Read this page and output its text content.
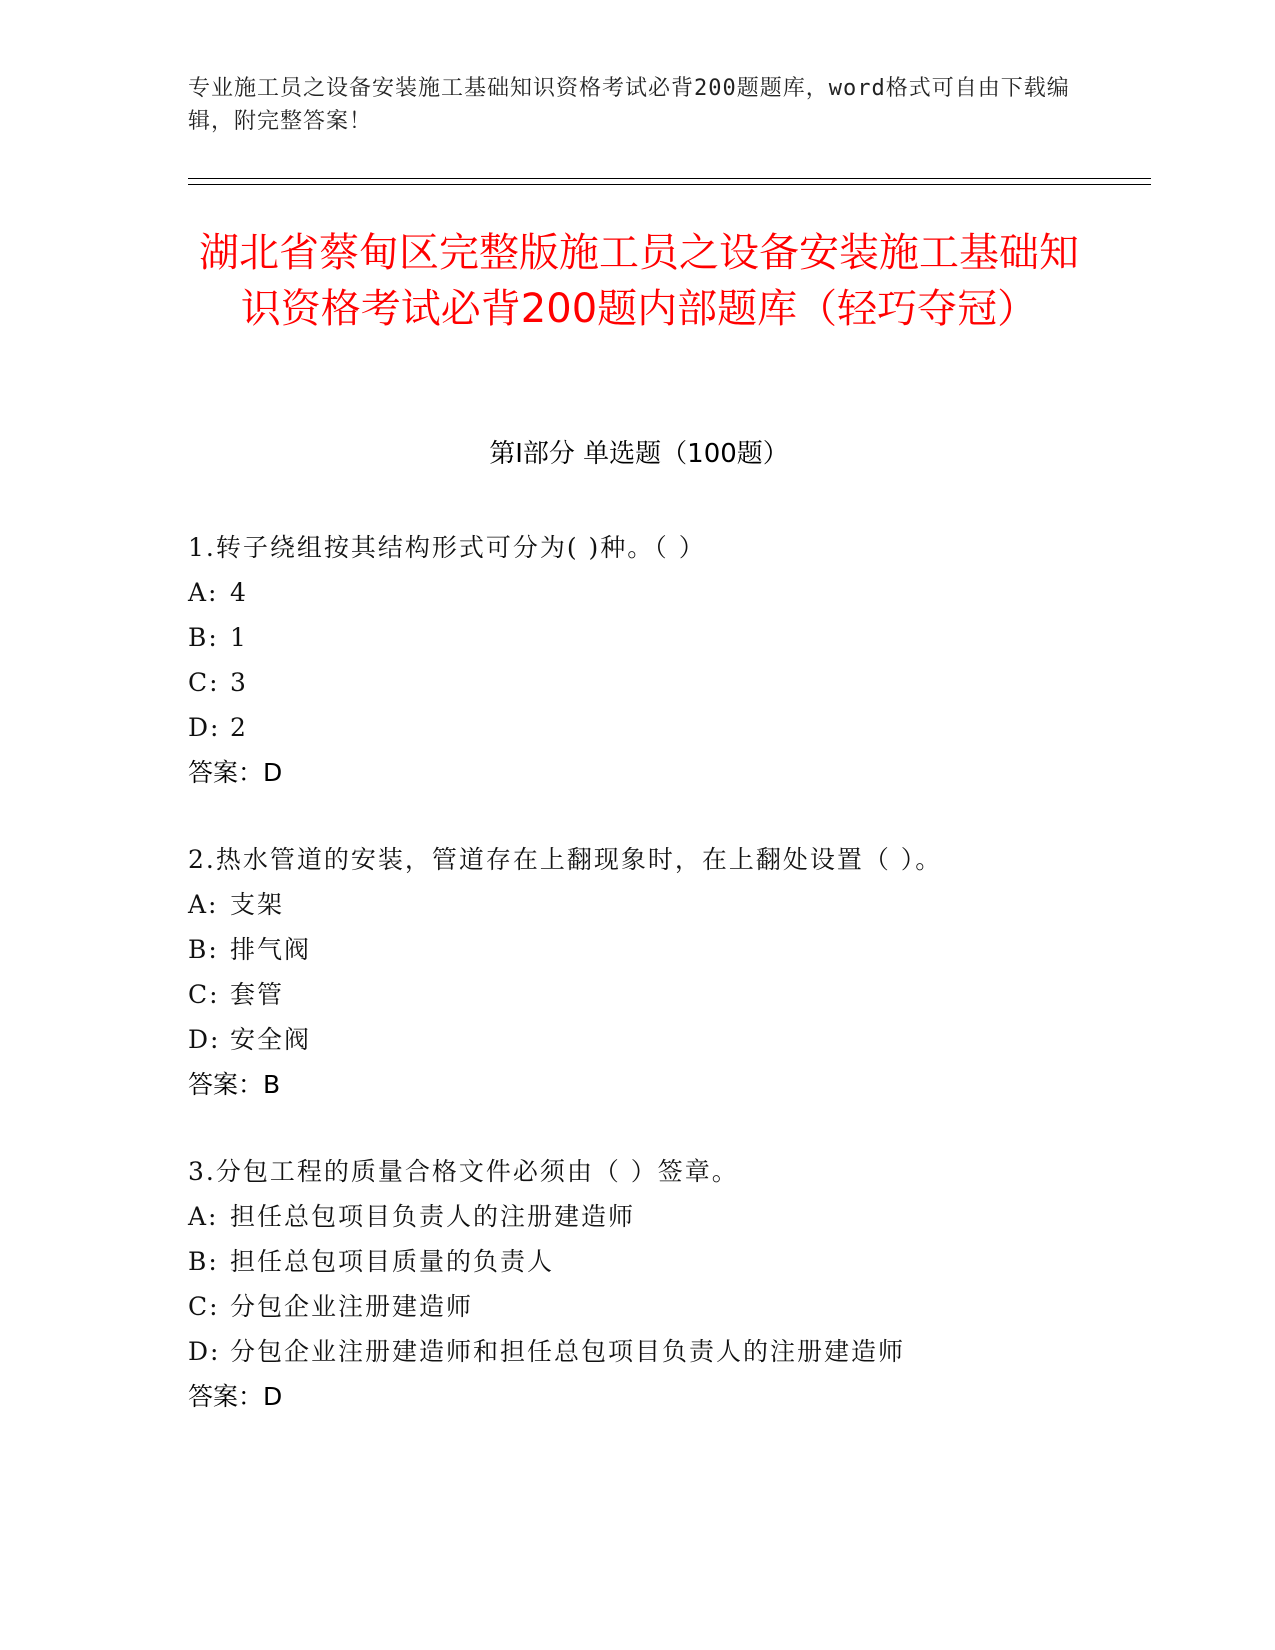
专业施工员之设备安装施工基础知识资格考试必背200题题库，word格式可自由下载编辑，附完整答案！
湖北省蔡甸区完整版施工员之设备安装施工基础知识资格考试必背200题内部题库（轻巧夺冠）
第Ⅰ部分 单选题（100题）
1.转子绕组按其结构形式可分为( )种。（ ）
A: 4
B: 1
C: 3
D: 2
答案：D
2.热水管道的安装，管道存在上翻现象时，在上翻处设置（ ）。
A: 支架
B: 排气阀
C: 套管
D: 安全阀
答案：B
3.分包工程的质量合格文件必须由（ ）签章。
A: 担任总包项目负责人的注册建造师
B: 担任总包项目质量的负责人
C: 分包企业注册建造师
D: 分包企业注册建造师和担任总包项目负责人的注册建造师
答案：D
